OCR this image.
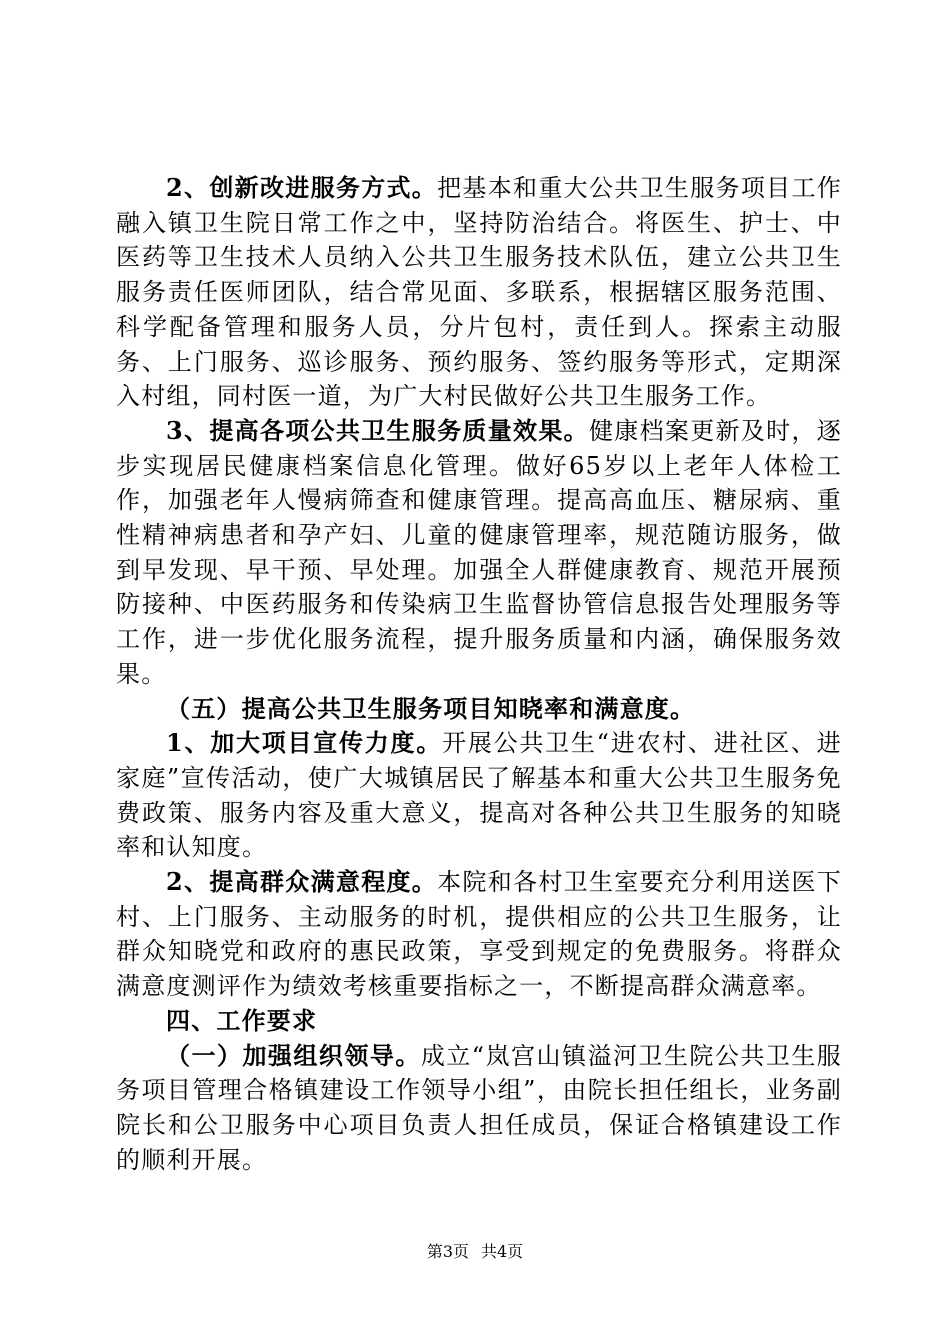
2、创新改进服务方式。把基本和重大公共卫生服务项目工作融入镇卫生院日常工作之中，坚持防治结合。将医生、护士、中医药等卫生技术人员纳入公共卫生服务技术队伍，建立公共卫生服务责任医师团队，结合常见面、多联系，根据辖区服务范围、科学配备管理和服务人员，分片包村，责任到人。探索主动服务、上门服务、巡诊服务、预约服务、签约服务等形式，定期深入村组，同村医一道，为广大村民做好公共卫生服务工作。

3、提高各项公共卫生服务质量效果。健康档案更新及时，逐步实现居民健康档案信息化管理。做好65岁以上老年人体检工作，加强老年人慢病筛查和健康管理。提高高血压、糖尿病、重性精神病患者和孕产妇、儿童的健康管理率，规范随访服务，做到早发现、早干预、早处理。加强全人群健康教育、规范开展预防接种、中医药服务和传染病卫生监督协管信息报告处理服务等工作，进一步优化服务流程，提升服务质量和内涵，确保服务效果。

（五）提高公共卫生服务项目知晓率和满意度。

1、加大项目宣传力度。开展公共卫生“进农村、进社区、进家庭”宣传活动，使广大城镇居民了解基本和重大公共卫生服务免费政策、服务内容及重大意义，提高对各种公共卫生服务的知晓率和认知度。

2、提高群众满意程度。本院和各村卫生室要充分利用送医下村、上门服务、主动服务的时机，提供相应的公共卫生服务，让群众知晓党和政府的惠民政策，享受到规定的免费服务。将群众满意度测评作为绩效考核重要指标之一，不断提高群众满意率。

四、工作要求

（一）加强组织领导。成立“岚宫山镇溢河卫生院公共卫生服务项目管理合格镇建设工作领导小组”，由院长担任组长，业务副院长和公卫服务中心项目负责人担任成员，保证合格镇建设工作的顺利开展。

第3页 共4页
